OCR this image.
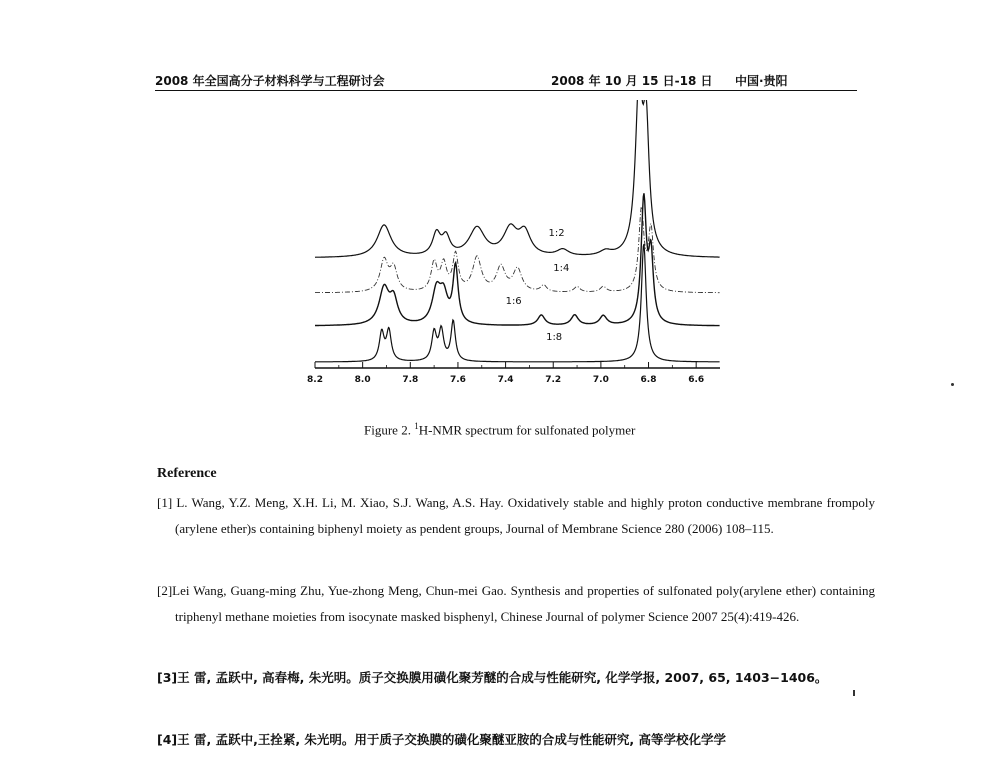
2008 年全国高分子材料科学与工程研讨会	2008 年 10 月 15 日-18 日 中国·贵阳
1:2
1:4
1:6
1:8
8.2	8.0	7.8	7.6	7.4	7.2	7.0	6.8	6.6
Figure 2. $^1$H-NMR spectrum for sulfonated polymer
Reference
[1] L. Wang, Y.Z. Meng, X.H. Li, M. Xiao, S.J. Wang, A.S. Hay. Oxidatively stable and highly proton conductive membrane frompoly (arylene ether)s containing biphenyl moiety as pendent groups, Journal of Membrane Science 280 (2006) 108–115.
[2]Lei Wang, Guang-ming Zhu, Yue-zhong Meng, Chun-mei Gao. Synthesis and properties of sulfonated poly(arylene ether) containing triphenyl methane moieties from isocynate masked bisphenyl, Chinese Journal of polymer Science 2007 25(4):419-426.
[3]王 雷, 孟跃中, 高春梅, 朱光明。质子交换膜用磺化聚芳醚的合成与性能研究, 化学学报, 2007, 65, 1403−1406。
[4]王 雷, 孟跃中,王拴紧, 朱光明。用于质子交换膜的磺化聚醚亚胺的合成与性能研究, 高等学校化学学
